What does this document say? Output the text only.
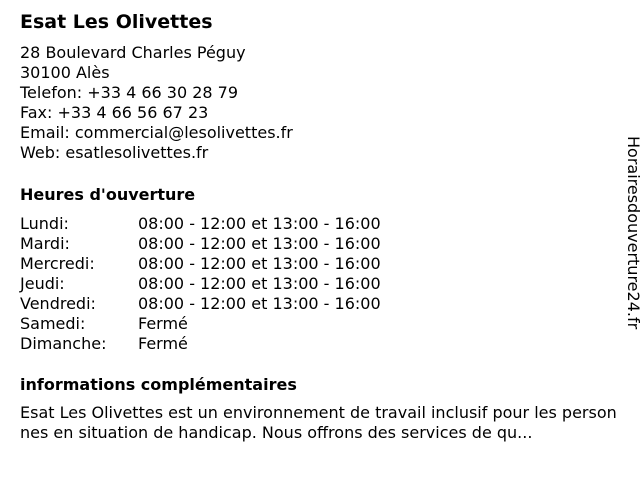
Esat Les Olivettes
28 Boulevard Charles Péguy
30100 Alès
Telefon: +33 4 66 30 28 79
Fax: +33 4 66 56 67 23
Email: commercial@lesolivettes.fr
Web: esatlesolivettes.fr
Heures d'ouverture
Lundi:	08:00 - 12:00 et 13:00 - 16:00
Mardi:	08:00 - 12:00 et 13:00 - 16:00
Mercredi:	08:00 - 12:00 et 13:00 - 16:00
Jeudi:	08:00 - 12:00 et 13:00 - 16:00
Vendredi:	08:00 - 12:00 et 13:00 - 16:00
Samedi:	Fermé
Dimanche:	Fermé
informations complémentaires

Esat Les Olivettes est un environnement de travail inclusif pour les personnes en situation de handicap. Nous offrons des services de qu...

Horairesdouverture24.fr
